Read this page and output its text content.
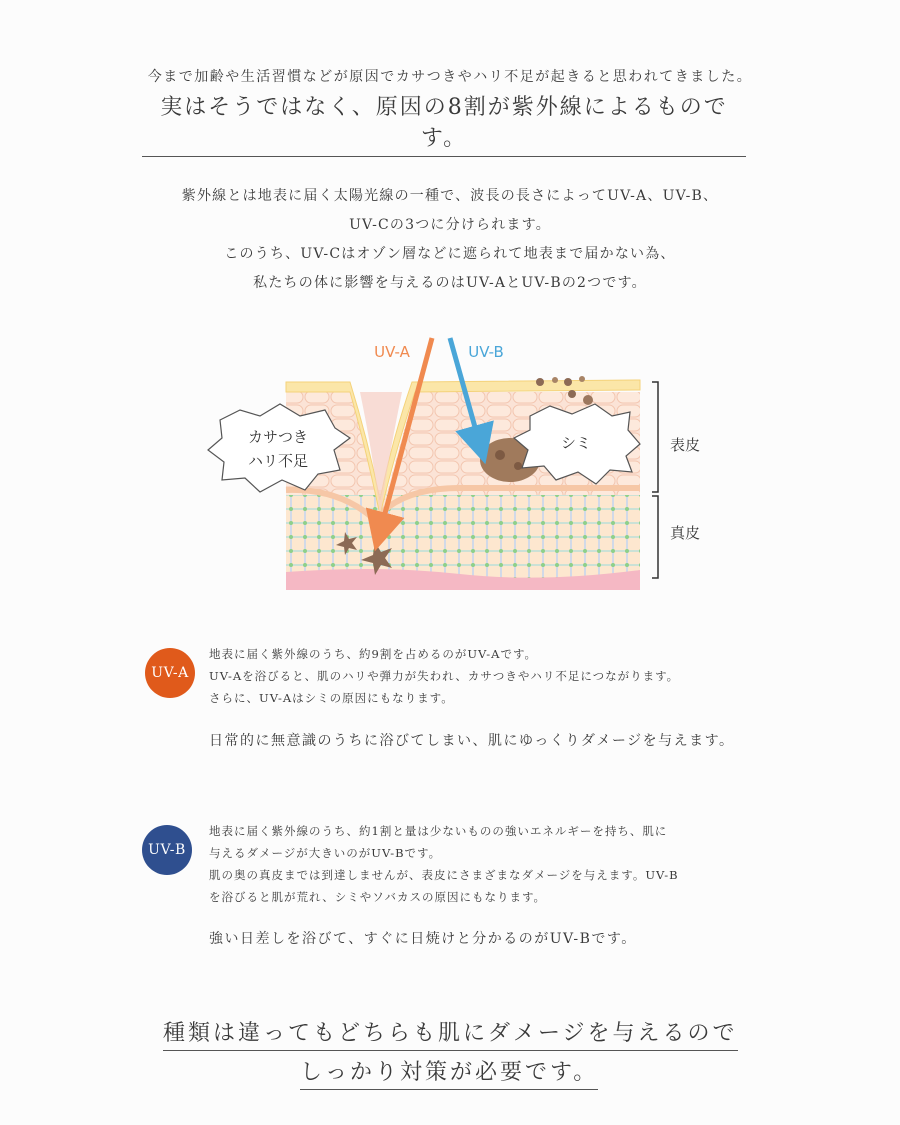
今まで加齢や生活習慣などが原因でカサつきやハリ不足が起きると思われてきました。
実はそうではなく、原因の8割が紫外線によるものです。
紫外線とは地表に届く太陽光線の一種で、波長の長さによってUV-A、UV-B、
UV-Cの3つに分けられます。
このうち、UV-Cはオゾン層などに遮られて地表まで届かない為、
私たちの体に影響を与えるのはUV-AとUV-Bの2つです。
カサつき
ハリ不足
シミ
UV-A	UV-B
表皮
真皮
UV-A
地表に届く紫外線のうち、約9割を占めるのがUV-Aです。
UV-Aを浴びると、肌のハリや弾力が失われ、カサつきやハリ不足につながります。
さらに、UV-Aはシミの原因にもなります。
日常的に無意識のうちに浴びてしまい、肌にゆっくりダメージを与えます。
UV-B
地表に届く紫外線のうち、約1割と量は少ないものの強いエネルギーを持ち、肌に
与えるダメージが大きいのがUV-Bです。
肌の奥の真皮までは到達しませんが、表皮にさまざまなダメージを与えます。UV-B
を浴びると肌が荒れ、シミやソバカスの原因にもなります。
強い日差しを浴びて、すぐに日焼けと分かるのがUV-Bです。
種類は違ってもどちらも肌にダメージを与えるので
しっかり対策が必要です。
